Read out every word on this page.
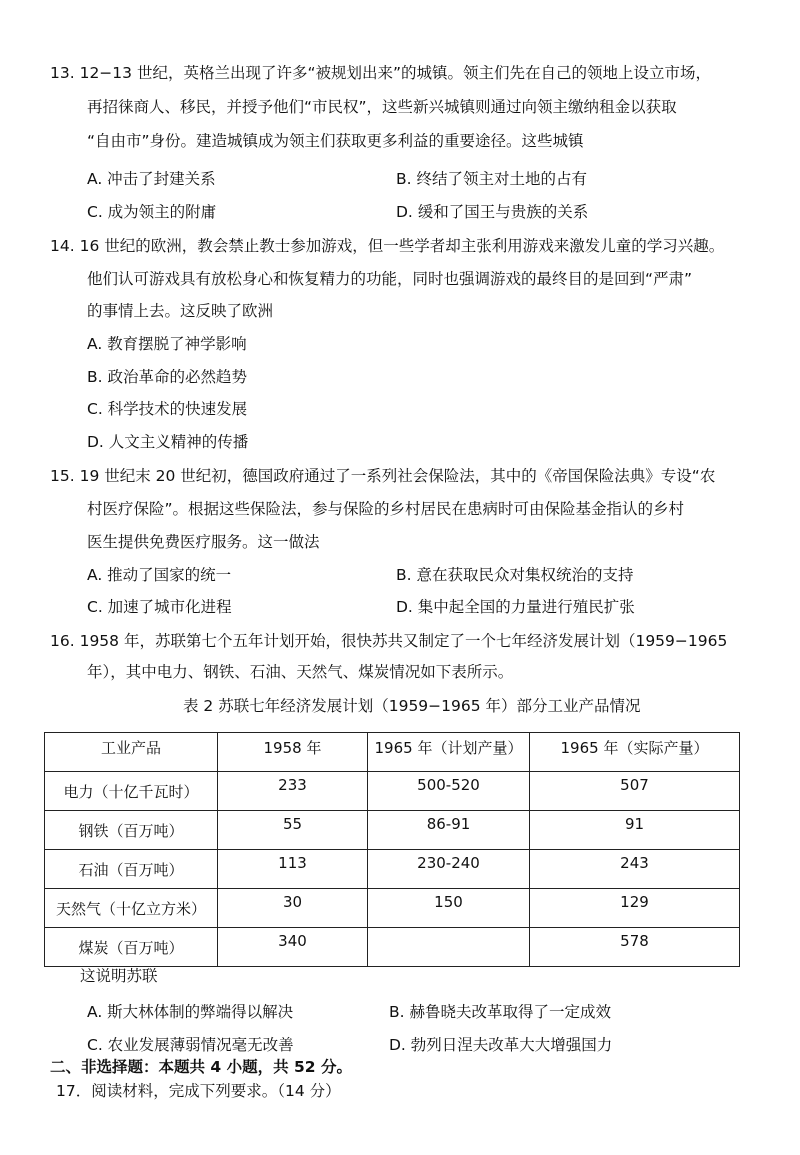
13. 12−13 世纪，英格兰出现了许多“被规划出来”的城镇。领主们先在自己的领地上设立市场，
再招徕商人、移民，并授予他们“市民权”，这些新兴城镇则通过向领主缴纳租金以获取
“自由市”身份。建造城镇成为领主们获取更多利益的重要途径。这些城镇
A. 冲击了封建关系	B. 终结了领主对土地的占有
C. 成为领主的附庸	D. 缓和了国王与贵族的关系
14. 16 世纪的欧洲，教会禁止教士参加游戏，但一些学者却主张利用游戏来激发儿童的学习兴趣。
他们认可游戏具有放松身心和恢复精力的功能，同时也强调游戏的最终目的是回到“严肃”
的事情上去。这反映了欧洲
A. 教育摆脱了神学影响
B. 政治革命的必然趋势
C. 科学技术的快速发展
D. 人文主义精神的传播
15. 19 世纪末 20 世纪初，德国政府通过了一系列社会保险法，其中的《帝国保险法典》专设“农
村医疗保险”。根据这些保险法，参与保险的乡村居民在患病时可由保险基金指认的乡村
医生提供免费医疗服务。这一做法
A. 推动了国家的统一	B. 意在获取民众对集权统治的支持
C. 加速了城市化进程	D. 集中起全国的力量进行殖民扩张
16. 1958 年，苏联第七个五年计划开始，很快苏共又制定了一个七年经济发展计划（1959−1965
年），其中电力、钢铁、石油、天然气、煤炭情况如下表所示。
表 2 苏联七年经济发展计划（1959−1965 年）部分工业产品情况
工业产品	1958 年	1965 年（计划产量）	1965 年（实际产量）
电力（十亿千瓦时）	233	500-520	507
钢铁（百万吨）	55	86-91	91
石油（百万吨）	113	230-240	243
天然气（十亿立方米）	30	150	129
煤炭（百万吨）	340		578
这说明苏联
A. 斯大林体制的弊端得以解决	B. 赫鲁晓夫改革取得了一定成效
C. 农业发展薄弱情况毫无改善	D. 勃列日涅夫改革大大增强国力
二、非选择题：本题共 4 小题，共 52 分。
17．阅读材料，完成下列要求。（14 分）
